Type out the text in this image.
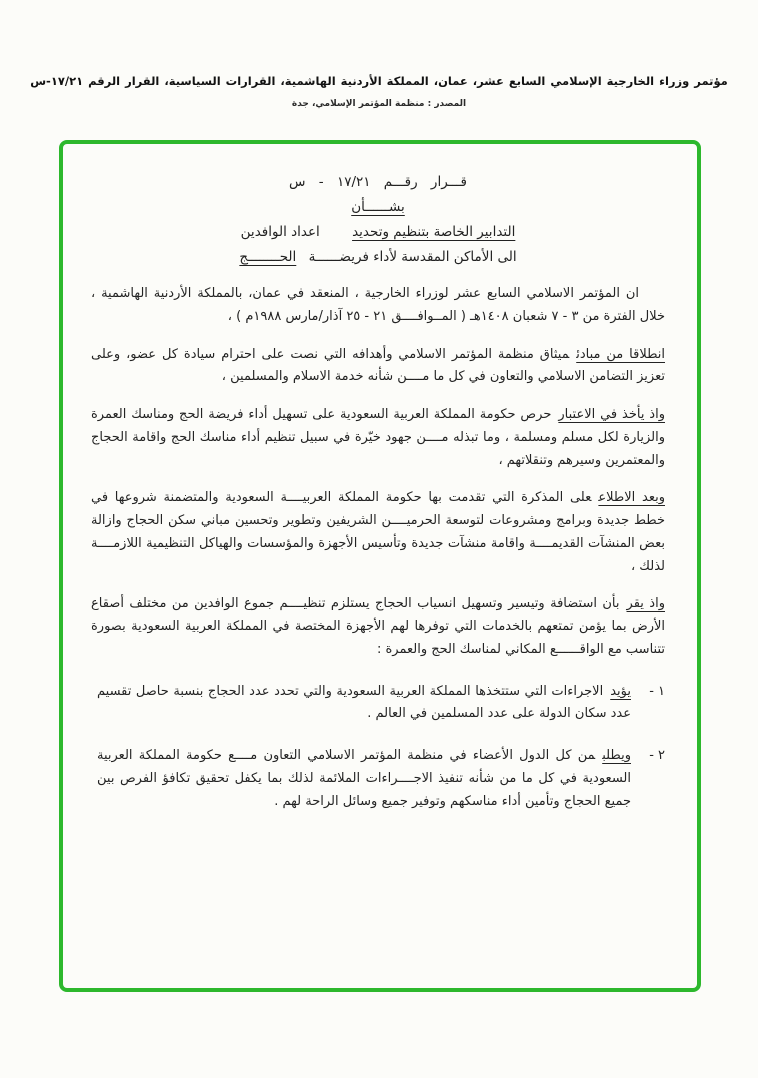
مؤتمر وزراء الخارجية الإسلامي السابع عشر، عمان، المملكة الأردنية الهاشمية، القرارات السياسية، القرار الرقم ١٧/٢١-س
المصدر : منظمة المؤتمر الإسلامي، جدة
قـــرار رقـــم ١٧/٢١ - س
بشــــــأن
التدابير الخاصة بتنظيم وتحديد اعداد الوافدين
الى الأماكن المقدسة لأداء فريضــــــة الحــــــــج

ان المؤتمر الاسلامي السابع عشر لوزراء الخارجية ، المنعقد في عمان، بالمملكة الأردنية الهاشمية ، خلال الفترة من ٣ - ٧ شعبان ١٤٠٨هـ ( المــوافــــق ٢١ - ٢٥ آذار/مارس ١٩٨٨م ) ،

انطلاقا من مبادئميثاق منظمة المؤتمر الاسلامي وأهدافه التي نصت على احترام سيادة كل عضو، وعلى تعزيز التضامن الاسلامي والتعاون في كل ما مــــن شأنه خدمة الاسلام والمسلمين ،

واذ يأخذ في الاعتبارحرص حكومة المملكة العربية السعودية على تسهيل أداء فريضة الحج ومناسك العمرة والزيارة لكل مسلم ومسلمة ، وما تبذله مــــن جهود خيّرة في سبيل تنظيم أداء مناسك الحج واقامة الحجاج والمعتمرين وسيرهم وتنقلاتهم ،

وبعد الاطلاععلى المذكرة التي تقدمت بها حكومة المملكة العربيــــة السعودية والمتضمنة شروعها في خطط جديدة وبرامج ومشروعات لتوسعة الحرميــــن الشريفين وتطوير وتحسين مباني سكن الحجاج وازالة بعض المنشآت القديمــــة واقامة منشآت جديدة وتأسيس الأجهزة والمؤسسات والهياكل التنظيمية اللازمــــة لذلك ،

واذ يقربأن استضافة وتيسير وتسهيل انسياب الحجاج يستلزم تنظيــــم جموع الوافدين من مختلف أصقاع الأرض بما يؤمن تمتعهم بالخدمات التي توفرها لهم الأجهزة المختصة في المملكة العربية السعودية بصورة تتناسب مع الواقــــــع المكاني لمناسك الحج والعمرة :

١ -
يؤيدالاجراءات التي ستتخذها المملكة العربية السعودية والتي تحدد عدد الحجاج بنسبة حاصل تقسيم عدد سكان الدولة على عدد المسلمين في العالم .
٢ -
ويطلبمن كل الدول الأعضاء في منظمة المؤتمر الاسلامي التعاون مــــع حكومة المملكة العربية السعودية في كل ما من شأنه تنفيذ الاجــــراءات الملائمة لذلك بما يكفل تحقيق تكافؤ الفرص بين جميع الحجاج وتأمين أداء مناسكهم وتوفير جميع وسائل الراحة لهم .
